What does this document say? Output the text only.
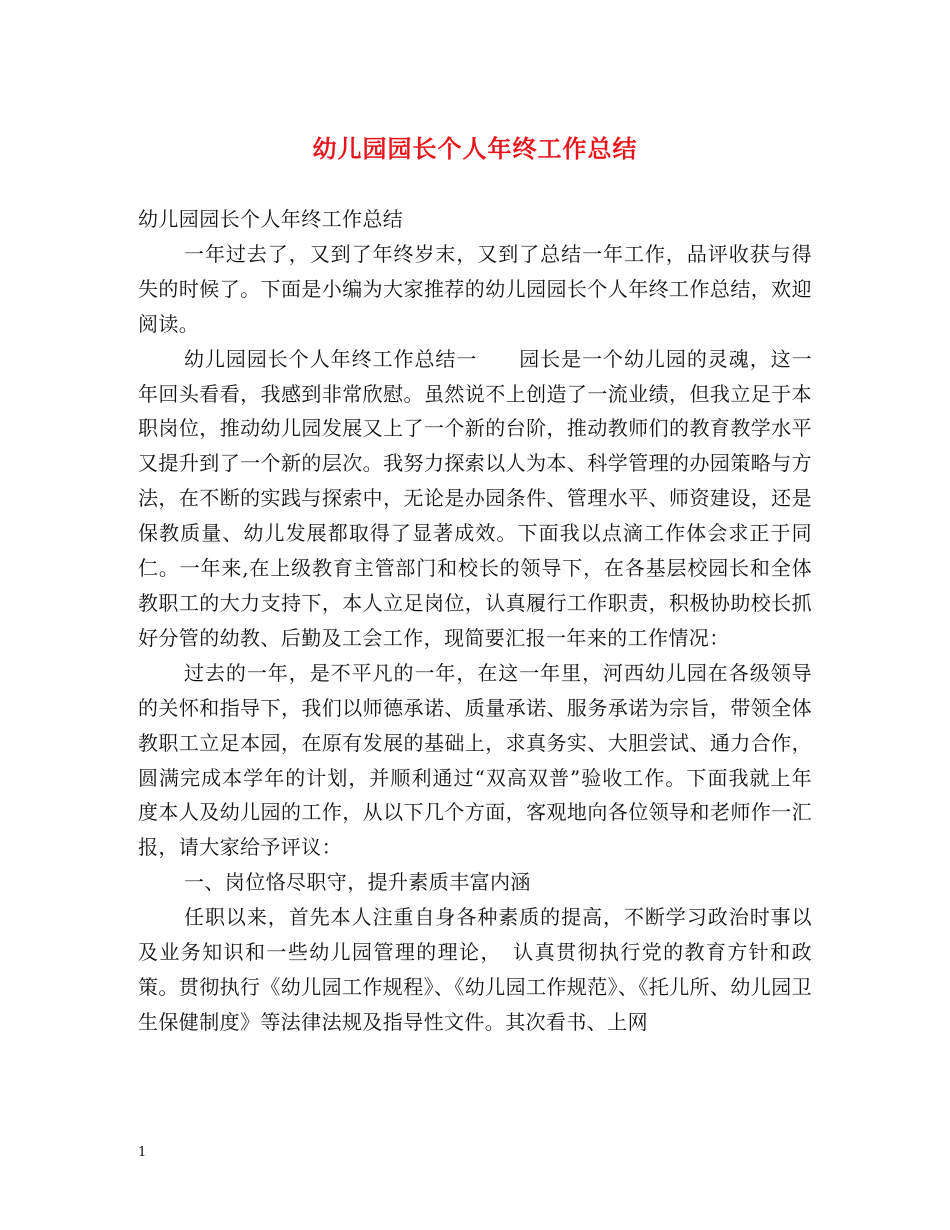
幼儿园园长个人年终工作总结

幼儿园园长个人年终工作总结

一年过去了，又到了年终岁末，又到了总结一年工作，品评收获与得失的时候了。下面是小编为大家推荐的幼儿园园长个人年终工作总结，欢迎阅读。

幼儿园园长个人年终工作总结一　　园长是一个幼儿园的灵魂，这一年回头看看，我感到非常欣慰。虽然说不上创造了一流业绩，但我立足于本职岗位，推动幼儿园发展又上了一个新的台阶，推动教师们的教育教学水平又提升到了一个新的层次。我努力探索以人为本、科学管理的办园策略与方法，在不断的实践与探索中，无论是办园条件、管理水平、师资建设，还是保教质量、幼儿发展都取得了显著成效。下面我以点滴工作体会求正于同仁。一年来,在上级教育主管部门和校长的领导下，在各基层校园长和全体教职工的大力支持下，本人立足岗位，认真履行工作职责，积极协助校长抓好分管的幼教、后勤及工会工作，现简要汇报一年来的工作情况：

过去的一年，是不平凡的一年，在这一年里，河西幼儿园在各级领导的关怀和指导下，我们以师德承诺、质量承诺、服务承诺为宗旨，带领全体教职工立足本园，在原有发展的基础上，求真务实、大胆尝试、通力合作，圆满完成本学年的计划，并顺利通过“双高双普”验收工作。下面我就上年度本人及幼儿园的工作，从以下几个方面，客观地向各位领导和老师作一汇报，请大家给予评议：

一、岗位恪尽职守，提升素质丰富内涵

任职以来，首先本人注重自身各种素质的提高，不断学习政治时事以及业务知识和一些幼儿园管理的理论，　认真贯彻执行党的教育方针和政策。贯彻执行《幼儿园工作规程》、《幼儿园工作规范》、《托儿所、幼儿园卫生保健制度》等法律法规及指导性文件。其次看书、上网

1
